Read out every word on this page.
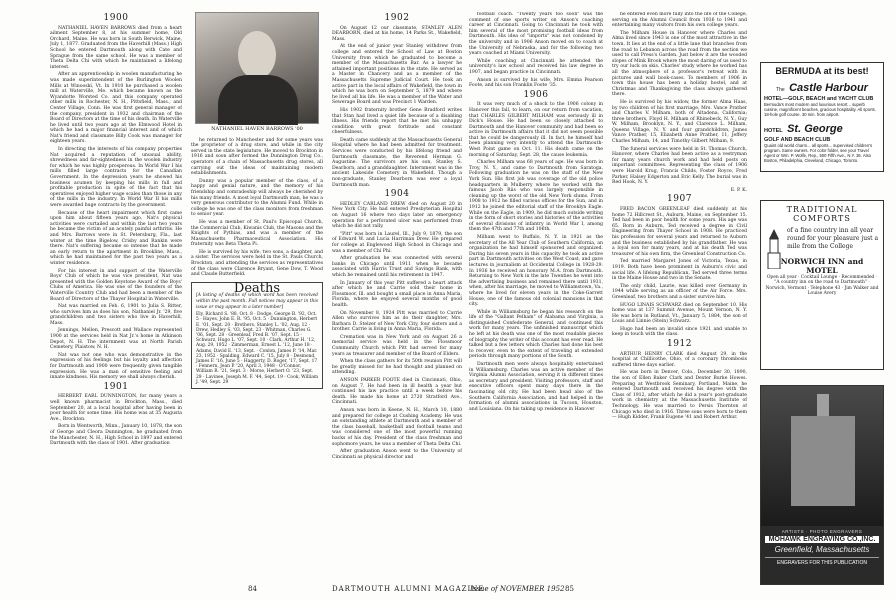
1900

NATHANIEL HAVEN BARROWS died from a heart ailment September 8, at his summer home, Old Orchard, Maine. He was born in South Berwick, Maine, July 1, 1877. Graduated from the Haverhill (Mass.) High School he entered Dartmouth along with Cate and Sprague from the same school. He was a member of Theta Delta Chi with which he maintained a lifelong interest.

After an apprenticeship in woolen manufacturing he was made superintendent of the Burlington Woolen Mills at Winooski, Vt. In 1910 he purchased a woolen mill at Waterville, Me. which became known as the Wyandotte Worsted Co. and this company operated other mills in Rochester, N. H., Pittsfield, Mass., and Center Village, Conn. He was first general manager of the company, president in 1932 and chairman of the Board of Directors at the time of his death. In Waterville he lived until two years ago at the Elmwood Hotel in which he had a major financial interest and of which Nat's friend and classmate Billy Cook was manager for eighteen years.

In directing the interests of his company properties Nat acquired a reputation of unusual ability, shrewdness and far-sightedness in the woolen industry for which he was highly prosperous. In World War I his mills filled large contracts for the Canadian Government. In the depression years he showed his business acumen by keeping his mills in full and profitable production in spite of the fact that his operatives enjoyed higher wage scales than those in any of the mills in the industry. In World War II his mills were awarded huge contracts by the government.

Because of the heart impairment which first came upon him about fifteen years ago, Nat's physical activities were curtailed and within the last two years he became the victim of an acutely painful arthritis. He and Mrs. Barrows were in St. Petersburg, Fla., last winter at the time Bigelow, Crisby and Rankin were there. Nat's suffering became so intense that he made an early return to the apartment in Brookline, Mass., which he had maintained for the past two years as a winter residence.

For his interest in and support of the Waterville Boys' Club of which he was vice president, Nat was presented with the Golden Keystone Award of the Boys' Clubs of America. He was one of the founders of the Waterville Country Club and had been a member of the Board of Directors of the Thayer Hospital in Waterville.

Nat was married on Feb. 6, 1901 to Julia S. Ritter, who survives him as does his son, Nathaniel Jr. '29, five grandchildren and two sisters who live in Haverhill, Mass.

Jennings, Mellen, Prescott and Wallace represented 1900 at the services held in Nat Jr.'s home in Atkinson Depot, N. H. The internment was at North Parish Cemetery, Plaistow, N. H.

Nat was not one who was demonstrative in the expression of his feelings but his loyalty and affection for Dartmouth and 1900 were frequently given tangible expression. He was a man of sensitive feeling and innate kindness. His memory we shall always cherish.

1901

HERBERT EARL DUNNINGTON, for many years a well known pharmacist in Brockton, Mass., died September 20, at a local hospital after having been in poor health for some time. His home was at 35 Augusta Ave., Brockton.

Born in Wentworth, Minn., January 10, 1878, the son of George and Cleora Dunnington, he graduated from the Manchester, N. H., High School in 1897 and entered Dartmouth with the class of 1901. After graduation

NATHANIEL HAVEN BARROWS '00

he returned to Manchester and for some years was the proprietor of a drug store, and while in the city served in the state legislature. He moved to Brockton in 1916 and soon after formed the Dunnington Drug Co., operators of a chain of Massachusetts drug stores, all carrying out the ideas of maintaining modern establishments.

Dunny was a popular member of the class, of a happy and genial nature, and the memory of his friendship and comradeship will always be cherished by his many friends. A most loyal Dartmouth man, he was a very generous contributor to the Alumni Fund. While in college he was one of the class monitors from freshman to senior year.

He was a member of St. Paul's Episcopal Church, the Commercial Club, Kiwanis Club, the Masons and the Knights of Pythias, and was a member of the Massachusetts Pharmaceutical Association. His fraternity was Beta Theta Pi.

He is survived by his wife, two sons, a daughter, and a sister. The services were held in the St. Pauls Church, Brockton, and attending the services as representatives of the class were Clarence Bryant, Gene Dow, T. Wood and Claude Butterfield.

Deaths
[A listing of deaths of which word has been received within the past month. Full notices may appear in this issue or may appear in a later number]
Ely, Richard S. '88, Oct. 8 · Dodge, George B. '92, Oct. 5 · Hayes, John E. R. '95, Oct. 5 · Dunnington, Herbert E. '01, Sept. 20 · Brothers, Stanley L. '02, Aug. 12 · Drew, Hedley S. '03, Sept. 23 · Whitman, Charles G. '06, Sept. 28 · Greenleaf, Fred B. '07, Sept. 15 · Schwarz, Hugo L. '07, Sept. 10 · Clark, Arthur H. '12, Aug. 29, 1952 · Zimmerman, Ernest L. '12, June 18 · Adams, David E. '13, Sept. · Conlon, James P. '14, Mar. 23, 1952 · Spalding, Edward C. '15, July 8 · Desmond, James F. '16, June 5 · Haggerty, D. Roger, '17, Sept. 17 · Fennern, Jean P. '20, April 3, 1948 · O'Connor, William R. '21, Sept. 3 · Morse, Herbert O. '23, Sept. 29 · Lavinee, Joseph M. F. '44, Sept. 19 · Cook, William J. '49, Sept. 29
1902

On August 12 our classmate, STANLEY ALEN DEARBORN, died at his home, 14 Parks St., Wakefield, Mass.

At the end of junior year Stanley withdrew from college and entered the School of Law at Boston University from which he graduated to become a member of the Massachusetts Bar. As a lawyer he attained important positions in the state. He served as a Master in Chancery and as a member of the Massachusetts Supreme Judicial Court. He took an active part in the local affairs of Wakefield, the town in which he was born on September 5, 1879 and where he lived all his life. He was a member of the Water and Sewerage Board and was Precinct 1 Warden.

His 1902 fraternity brother Gene Bradford writes that Stan had lived a quiet life because of a disabling illness. His friends report that he met his unhappy condition with great fortitude and constant cheerfulness.

Death came suddenly at the Massachusetts General Hospital where he had been admitted for treatment. Services were conducted by his lifelong friend and Dartmouth classmate, the Reverend Herman G. Augustine. The survivors are his son, Stanley S. Dearborn, and a granddaughter. Internment was in the ancient Lakeside Cemetery in Wakefield. Though a non-graduate, Stanley Dearborn was ever a loyal Dartmouth man.

1904

HEDLEY CARLAND DREW died on August 20 in New York City. He had entered Presbyterian Hospital on August 16 where two days later an emergency operation for a perforated ulcer was performed from which he did not rally.

"Pitt" was born in Laurel, Ill., July 9, 1879, the son of Edward W. and Lucia Harriman Drew. He prepared for college at Englewood High School in Chicago and was a member of Chi Phi.

After graduation he was connected with several banks in Chicago until 1911 when he became associated with Harris Trust and Savings Bank, with which he remained until his retirement in 1947.

In January of this year Pitt suffered a heart attack after which he and Carrie sold their home in Flossmoor, Ill. and bought a small place in Anna Maria, Florida, where he enjoyed several months of good health.

On November 8, 1924 Pitt was married to Carrie Allen who survives him as do their daughter, Mrs. Barbara D. Stelzer of New York City, four sisters and a brother. Carrie is living in Anna Maria, Florida.

Cremation was in New York and on August 26 a memorial service was held in the Flossmoor Community Church which Pitt had served for many years as treasurer and member of the Board of Elders.

When the class gathers for its 50th reunion Pitt will be greatly missed for he had thought and planned on attending.

ANSON PARKER FOOTE died in Cincinnati, Ohio, on August 7. He had been in ill health a year but continued his law practice until a week before his death. He made his home at 2720 Stratford Ave., Cincinnati.

Anson was born in Keene, N. H., March 10, 1880 and prepared for college at Cushing Academy. He was an outstanding athlete at Dartmouth and a member of the class baseball, basketball and football teams and was considered one of the most powerful running backs of his day. President of the class freshman and sophomore years, he was a member of Theta Delta Chi.

After graduation Anson went to the University of Cincinnati as physical director and

football coach. "Twenty years too soon" was the comment of one sports writer on Anson's coaching career at Cincinnati. Going to Cincinnati he took with him several of the most promising football ideas from Dartmouth. His idea of "imports" was not condoned by the university and in 1906 Anson moved on to coach at the University of Nebraska, and for the following two years coached at Miami University.

While coaching at Cincinnati he attended the university's law school and received his law degree in 1907, and began practice in Cincinnati.

Anson is survived by his wife, Mrs. Emma Pearson Foote, and his son Franklin Foote '35.

1906

It was very much of a shock to the 1906 colony in Hanover this fall, to learn, on our return from vacation, that CHARLES GILBERT MILHAM was seriously ill in Dick's House. He had been so closely attached to Dartmouth and the Hanover community and had been so active in Dartmouth affairs that it did not seem possible that he could be dangerously ill. In fact, he himself had been planning very intently to attend the Dartmouth-West Point game on Oct. 11. His death came on the morning of Saturday, Sept. 28, the cause leukemia.

Charles Milham was 68 years of age. He was born in Troy, N. Y., and came to Dartmouth from Saratoga. Following graduation he was on the staff of the New York Sun. His first job was coverage of the old police headquarters in Mulberry where he worked with the famous Jacob Riis who was largely responsible in cleaning up the worst of the old New York slums. From 1908 to 1912 he filled various offices for the Sun, and in 1912 he joined the editorial staff of the Brooklyn Eagle. While on the Eagle, in 1909, he did much outside writing in the form of short stories and histories of the activities of several divisions of infantry in World War I, among them the 47th and 77th and 106th.

Milham went to Buffalo, N. Y. in 1921 as the secretary of the All Year Club of Southern California, an organization he had himself sponsored and organized. During his seven years in this capacity he took an active part in Dartmouth activities on the West Coast, and gave lectures in journalism at Occidental College in 1928-29. In 1936 he received an honorary M.A. from Dartmouth. Returning to New York in the late Twenties he went into the advertising business and remained there until 1931, when, after his marriage, he moved to Williamstown, Va., where he lived for eleven years in the Coke-Garrett House, one of the famous old colonial mansions in that city.

While in Williamsburg he began his research on the life of the "Gallant Pelham" of Alabama and Virginia, a distinguished Confederate General, and continued this work for many years. The unfinished manuscript which he left at his death was one of the most readable pieces of biography the writer of this account has ever read. He talked but a few letters which Charles had done his best to recover, even to the extent of traveling at extended periods through many portions of the South.

Dartmouth men were always hospitably entertained in Williamsburg. Charles was an active member of the Virginia Alumni Association, serving it in different times as secretary and president. Visiting professors, staff and executive officers spent many days there in the fascinating old city. He had been head also of the Southern California Association, and had helped in the formation of alumni associations in Tucson, Houston, and Louisiana. On his taking up residence in Hanover

he entered even more fully into the life of the College, serving on the Alumni Council from 1936 to 1941 and entertaining many visitors from his own college years.

The Milham House in Hanover where Charles and Alma lived since 1943 is one of the most attractive in the town. It lies at the end of a little lane that branches from the road to Lebanon across the road from the section we used to call Press's Garden. Just below it are the wooded slopes of Mink Brook where the most daring of us used to try our luck on skis. Charles' study where he worked has all the atmosphere of a professor's retreat with its pictures and wall book-cases. To members of 1906 in town this house has been a holiday hostel, and at Christmas and Thanksgiving the class always gathered there.

He is survived by his widow, the former Alma Haas, by two children of his first marriage, Mrs. Vance Prather and Charles V. Milham, both of Altadena, California; three brothers, Floyd H. Milham of Rhinebeck, N. Y., Guy W. Milham, Brooklyn, N. Y., and Clarence L. Milham, Queens Village, N. Y. and four grandchildren, James Vance Prather, 15, Elizabeth Anne Prather, 11, Jeffery Charles Milham, 14, and Timothy Gilbert Milham, 9.

The funeral services were held in St. Thomas Church, Hanover, where Charles had been active as a vestryman for many years church work and had held posts on important committees. Representing the class of 1906 were Harold Krug, Francis Childs, Foster Royce, Fred Parker, Halsey Edgerton and Eric Kelly. The burial was in Red Hook, N. Y.

E. P. K.
1907

FRED BACON GREENLEAF died suddenly at his home 72 Hillcrest St., Auburn, Maine, on September 15. Ted had been in poor health for some years. His age was 65. Born in Auburn, Ted received a degree in Civil Engineering from Thayer School in 1908. He practiced his profession for several years and returned to Auburn and the business established by his grandfather. He was a loyal son for many years, and at his death Ted was treasurer of his own firm, the Greenleaf Construction Co.

Ted married Margaret Jones of Victoria, Texas, in 1919. Both have been prominent in Auburn's civic and social life. A lifelong Republican, Ted served three terms in the Maine House and two in the Senate.

The only child, Laurie, was killed over Germany in 1944 while serving as an officer of the Air Force. Mrs. Greenleaf, two brothers and a sister survive him.

HUGO LINAIS SCHWARZ died on September 10. His home was at 137 Summit Avenue, Mount Vernon, N. Y. He was born in Rutland, Vt., January 5, 1884, the son of Louis and Linnie (Stein) Schwarz.

Hugo had been an invalid since 1921 and unable to keep in touch with the class.

1912

ARTHUR HENRY CLARK died August 29, in the hospital at Chillicothe, Ohio, of a coronary thrombosis suffered three days earlier.

He was born in Denver, Colo., December 30, 1890, the son of Ellen Baker Clark and Dexter Burke Howes. Preparing at Westbrook Seminary, Portland, Maine, he entered Dartmouth and received his degree with the Class of 1912, after which he did a year's post-graduate work in chemistry at the Massachusetts Institute of Technology. He was married to Persis Thornton of Chicago who died in 1916. Three sons were born to them — Hugh Kidder, Frank Eugene '41 and Robert Arthur.

BERMUDA at its best!
The Castle Harbour
HOTEL—GOLF, BEACH and YACHT CLUB
Bermuda's most modern and luxurious resort... superb cuisine, magnificent beaches, gracious hospitality. All sports. 18-hole golf course. 30 min. from airport.
HOTEL St. George
GOLF AND BEACH CLUB
Quaint old world charm... all sports... supervised children's program. Same owners. For color folder, see your Travel Agent or Wm. P. Wolfe, Rep., 500 Fifth Ave., N.Y. 36. Also Boston, Philadelphia, Cleveland, Chicago, Toronto.
TRADITIONAL COMFORTS
of a fine country inn all year round for your pleasure just a mile from the College
NORWICH INN and MOTEL
Open all year · Cocktail Lounge · Recommended · "A country inn on the road to Dartmouth" · Norwich, Vermont · Telephone 43 · Jim Walker and Louise Avery
ARTISTS · PHOTO ENGRAVERS
MOHAWK ENGRAVING CO.,INC.
Greenfield, Massachusetts
ENGRAVERS FOR THIS PUBLICATION
84	DARTMOUTH ALUMNI MAGAZINE
Issue of NOVEMBER 1952 85
